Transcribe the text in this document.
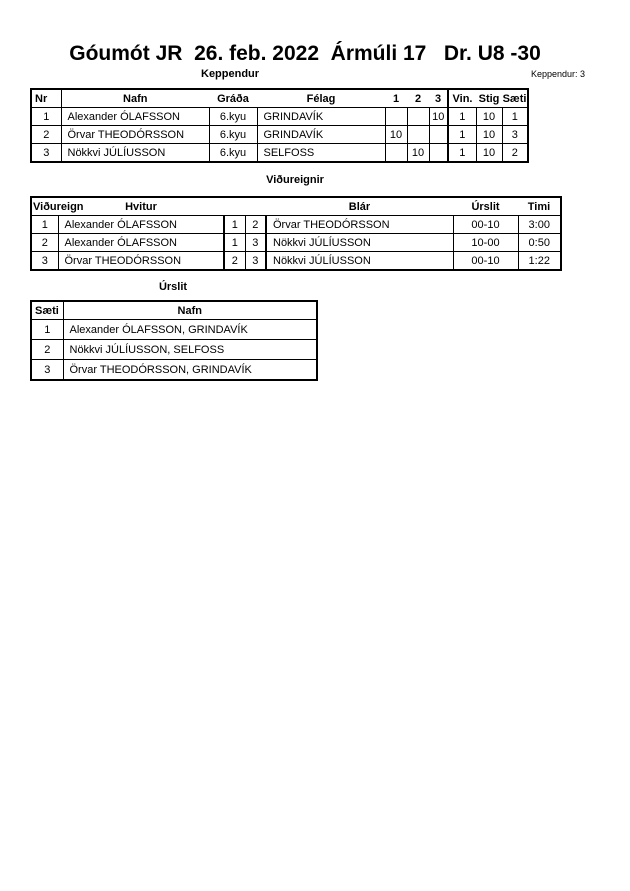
Góumót JR  26. feb. 2022  Ármúli 17   Dr. U8 -30
Keppendur	Keppendur: 3
Nr	Nafn	Gráða	Félag	1	2	3	Vin.	Stig	Sæti
1	Alexander ÓLAFSSON	6.kyu	GRINDAVÍK			10	1	10	1
2	Örvar THEODÓRSSON	6.kyu	GRINDAVÍK	10			1	10	3
3	Nökkvi JÚLÍUSSON	6.kyu	SELFOSS		10		1	10	2
Viðureignir
Viðureign	Hvitur			Blár	Úrslit	Timi
1	Alexander ÓLAFSSON	1	2	Örvar THEODÓRSSON	00-10	3:00
2	Alexander ÓLAFSSON	1	3	Nökkvi JÚLÍUSSON	10-00	0:50
3	Örvar THEODÓRSSON	2	3	Nökkvi JÚLÍUSSON	00-10	1:22
Úrslit
Sæti	Nafn
1	Alexander ÓLAFSSON, GRINDAVÍK
2	Nökkvi JÚLÍUSSON, SELFOSS
3	Örvar THEODÓRSSON, GRINDAVÍK
